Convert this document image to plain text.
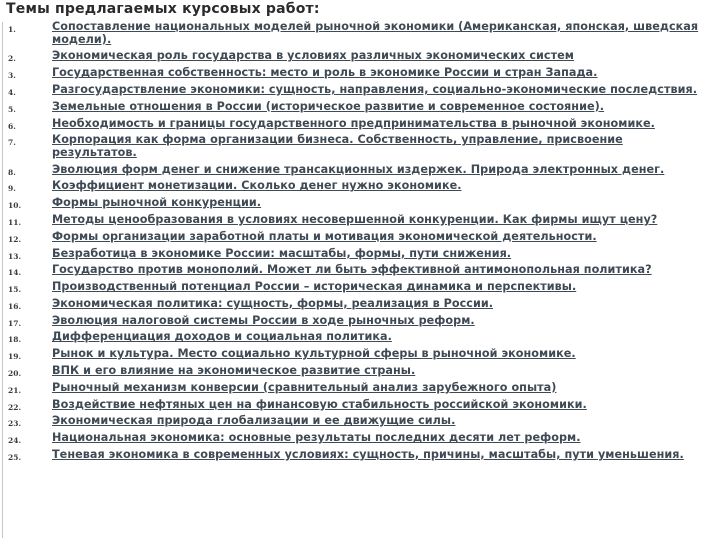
Темы предлагаемых курсовых работ:
1.	Сопоставление национальных моделей рыночной экономики (Американская, японская, шведская модели).
2.	Экономическая роль государства в условиях различных экономических систем
3.	Государственная собственность: место и роль в экономике России и стран Запада.
4.	Разгосударствление экономики: сущность, направления, социально-экономические последствия.
5.	Земельные отношения в России (историческое развитие и современное состояние).
6.	Необходимость и границы государственного предпринимательства в рыночной экономике.
7.	Корпорация как форма организации бизнеса. Собственность, управление, присвоение результатов.
8.	Эволюция форм денег и снижение трансакционных издержек. Природа электронных денег.
9.	Коэффициент монетизации. Сколько денег нужно экономике.
10.	Формы рыночной конкуренции.
11.	Методы ценообразования в условиях несовершенной конкуренции. Как фирмы ищут цену?
12.	Формы организации заработной платы и мотивация экономической деятельности.
13.	Безработица в экономике России: масштабы, формы, пути снижения.
14.	Государство против монополий. Может ли быть эффективной антимонопольная политика?
15.	Производственный потенциал России – историческая динамика и перспективы.
16.	Экономическая политика: сущность, формы, реализация в России.
17.	Эволюция налоговой системы России в ходе рыночных реформ.
18.	Дифференциация доходов и социальная политика.
19.	Рынок и культура. Место социально культурной сферы в рыночной экономике.
20.	ВПК и его влияние на экономическое развитие страны.
21.	Рыночный механизм конверсии (сравнительный анализ зарубежного опыта)
22.	Воздействие нефтяных цен на финансовую стабильность российской экономики.
23.	Экономическая природа глобализации и ее движущие силы.
24.	Национальная экономика: основные результаты последних десяти лет реформ.
25.	Теневая экономика в современных условиях: сущность, причины, масштабы, пути уменьшения.
